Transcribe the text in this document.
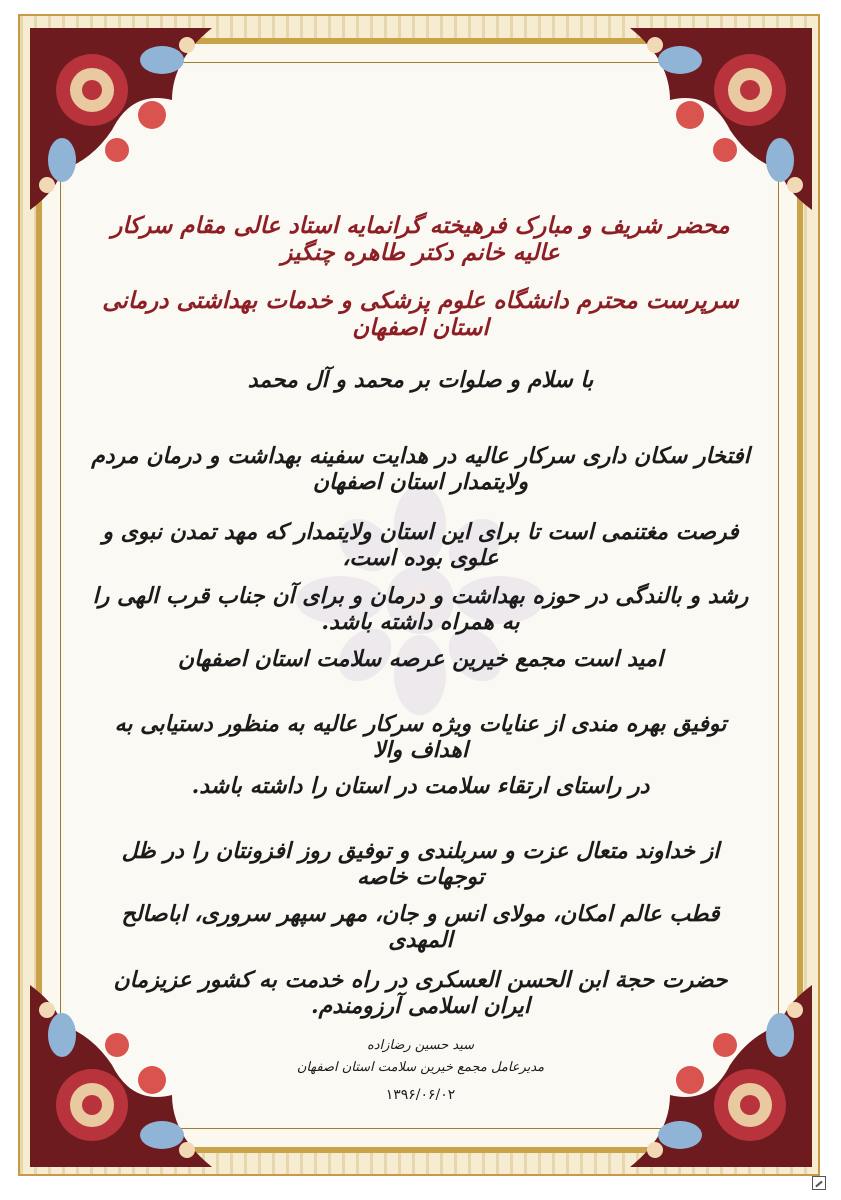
محضر شریف و مبارک فرهیخته گرانمایه استاد عالی مقام سرکار عالیه خانم دکتر طاهره چنگیز
سرپرست محترم دانشگاه علوم پزشکی و خدمات بهداشتی درمانی استان اصفهان
با سلام و صلوات بر محمد و آل محمد
افتخار سکان داری سرکار عالیه در هدایت سفینه بهداشت و درمان مردم ولایتمدار استان اصفهان
فرصت مغتنمی است تا برای این استان ولایتمدار که مهد تمدن نبوی و علوی بوده است،
رشد و بالندگی در حوزه بهداشت و درمان و برای آن جناب قرب الهی را به همراه داشته باشد.
امید است مجمع خیرین عرصه سلامت استان اصفهان
توفیق بهره مندی از عنایات ویژه سرکار عالیه به منظور دستیابی به اهداف والا
در راستای ارتقاء سلامت در استان را داشته باشد.
از خداوند متعال عزت و سربلندی و توفیق روز افزونتان را در ظل توجهات خاصه
قطب عالم امکان، مولای انس و جان، مهر سپهر سروری، اباصالح المهدی
حضرت حجة ابن الحسن العسکری در راه خدمت به کشور عزیزمان ایران اسلامی آرزومندم.
سید حسین رضازاده
مدیرعامل مجمع خیرین سلامت استان اصفهان
۱۳۹۶/۰۶/۰۲
